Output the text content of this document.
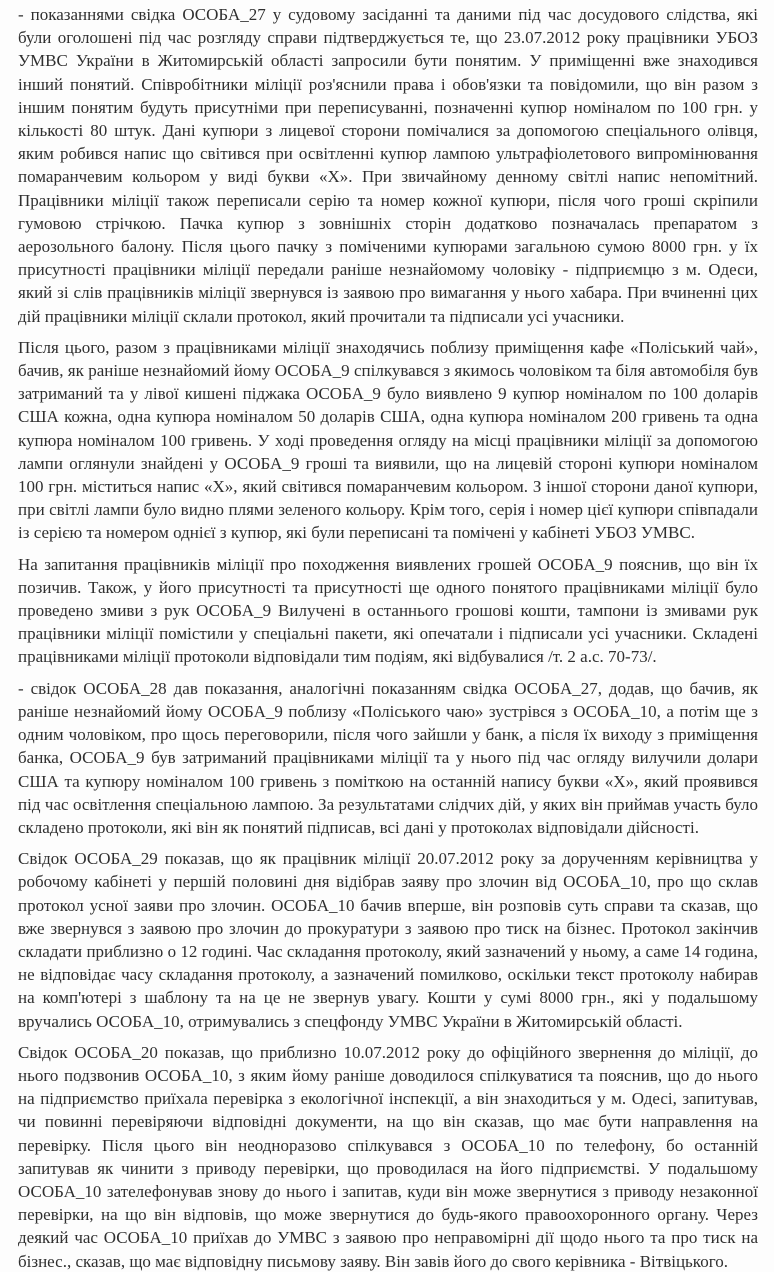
- показаннями свідка ОСОБА_27 у судовому засіданні та даними під час досудового слідства, які були оголошені під час розгляду справи підтверджується те, що 23.07.2012 року працівники УБОЗ УМВС України в Житомирській області запросили бути понятим. У приміщенні вже знаходився інший понятий. Співробітники міліції роз'яснили права і обов'язки та повідомили, що він разом з іншим понятим будуть присутніми при переписуванні, позначенні купюр номіналом по 100 грн. у кількості 80 штук. Дані купюри з лицевої сторони помічалися за допомогою спеціального олівця, яким робився напис що світився при освітленні купюр лампою ультрафіолетового випромінювання помаранчевим кольором у виді букви «Х». При звичайному денному світлі напис непомітний. Працівники міліції також переписали серію та номер кожної купюри, після чого гроші скріпили гумовою стрічкою. Пачка купюр з зовнішніх сторін додатково позначалась препаратом з аерозольного балону. Після цього пачку з поміченими купюрами загальною сумою 8000 грн. у їх присутності працівники міліції передали раніше незнайомому чоловіку - підприємцю з м. Одеси, який зі слів працівників міліції звернувся із заявою про вимагання у нього хабара. При вчиненні цих дій працівники міліції склали протокол, який прочитали та підписали усі учасники.

Після цього, разом з працівниками міліції знаходячись поблизу приміщення кафе «Поліський чай», бачив, як раніше незнайомий йому ОСОБА_9 спілкувався з якимось чоловіком та біля автомобіля був затриманий та у лівої кишені піджака ОСОБА_9 було виявлено 9 купюр номіналом по 100 доларів США кожна, одна купюра номіналом 50 доларів США, одна купюра номіналом 200 гривень та одна купюра номіналом 100 гривень. У ході проведення огляду на місці працівники міліції за допомогою лампи оглянули знайдені у ОСОБА_9 гроші та виявили, що на лицевій стороні купюри номіналом 100 грн. міститься напис «Х», який світився помаранчевим кольором. З іншої сторони даної купюри, при світлі лампи було видно плями зеленого кольору. Крім того, серія і номер цієї купюри співпадали із серією та номером однієї з купюр, які були переписані та помічені у кабінеті УБОЗ УМВС.

На запитання працівників міліції про походження виявлених грошей ОСОБА_9 пояснив, що він їх позичив. Також, у його присутності та присутності ще одного понятого працівниками міліції було проведено змиви з рук ОСОБА_9 Вилучені в останнього грошові кошти, тампони із змивами рук працівники міліції помістили у спеціальні пакети, які опечатали і підписали усі учасники. Складені працівниками міліції протоколи відповідали тим подіям, які відбувалися /т. 2 а.с. 70-73/.

- свідок ОСОБА_28 дав показання, аналогічні показанням свідка ОСОБА_27, додав, що бачив, як раніше незнайомий йому ОСОБА_9 поблизу «Поліського чаю» зустрівся з ОСОБА_10, а потім ще з одним чоловіком, про щось переговорили, після чого зайшли у банк, а після їх виходу з приміщення банка, ОСОБА_9 був затриманий працівниками міліції та у нього під час огляду вилучили долари США та купюру номіналом 100 гривень з поміткою на останній напису букви «Х», який проявився під час освітлення спеціальною лампою. За результатами слідчих дій, у яких він приймав участь було складено протоколи, які він як понятий підписав, всі дані у протоколах відповідали дійсності.

Свідок ОСОБА_29 показав, що як працівник міліції 20.07.2012 року за дорученням керівництва у робочому кабінеті у першій половині дня відібрав заяву про злочин від ОСОБА_10, про що склав протокол усної заяви про злочин. ОСОБА_10 бачив вперше, він розповів суть справи та сказав, що вже звернувся з заявою про злочин до прокуратури з заявою про тиск на бізнес. Протокол закінчив складати приблизно о 12 годині. Час складання протоколу, який зазначений у ньому, а саме 14 година, не відповідає часу складання протоколу, а зазначений помилково, оскільки текст протоколу набирав на комп'ютері з шаблону та на це не звернув увагу. Кошти у сумі 8000 грн., які у подальшому вручались ОСОБА_10, отримувались з спецфонду УМВС України в Житомирській області.

Свідок ОСОБА_20 показав, що приблизно 10.07.2012 року до офіційного звернення до міліції, до нього подзвонив ОСОБА_10, з яким йому раніше доводилося спілкуватися та пояснив, що до нього на підприємство приїхала перевірка з екологічної інспекції, а він знаходиться у м. Одесі, запитував, чи повинні перевіряючи відповідні документи, на що він сказав, що має бути направлення на перевірку. Після цього він неодноразово спілкувався з ОСОБА_10 по телефону, бо останній запитував як чинити з приводу перевірки, що проводилася на його підприємстві. У подальшому ОСОБА_10 зателефонував знову до нього і запитав, куди він може звернутися з приводу незаконної перевірки, на що він відповів, що може звернутися до будь-якого правоохоронного органу. Через деякий час ОСОБА_10 приїхав до УМВС з заявою про неправомірні дії щодо нього та про тиск на бізнес., сказав, що має відповідну письмову заяву. Він завів його до свого керівника - Вітвіцького.
